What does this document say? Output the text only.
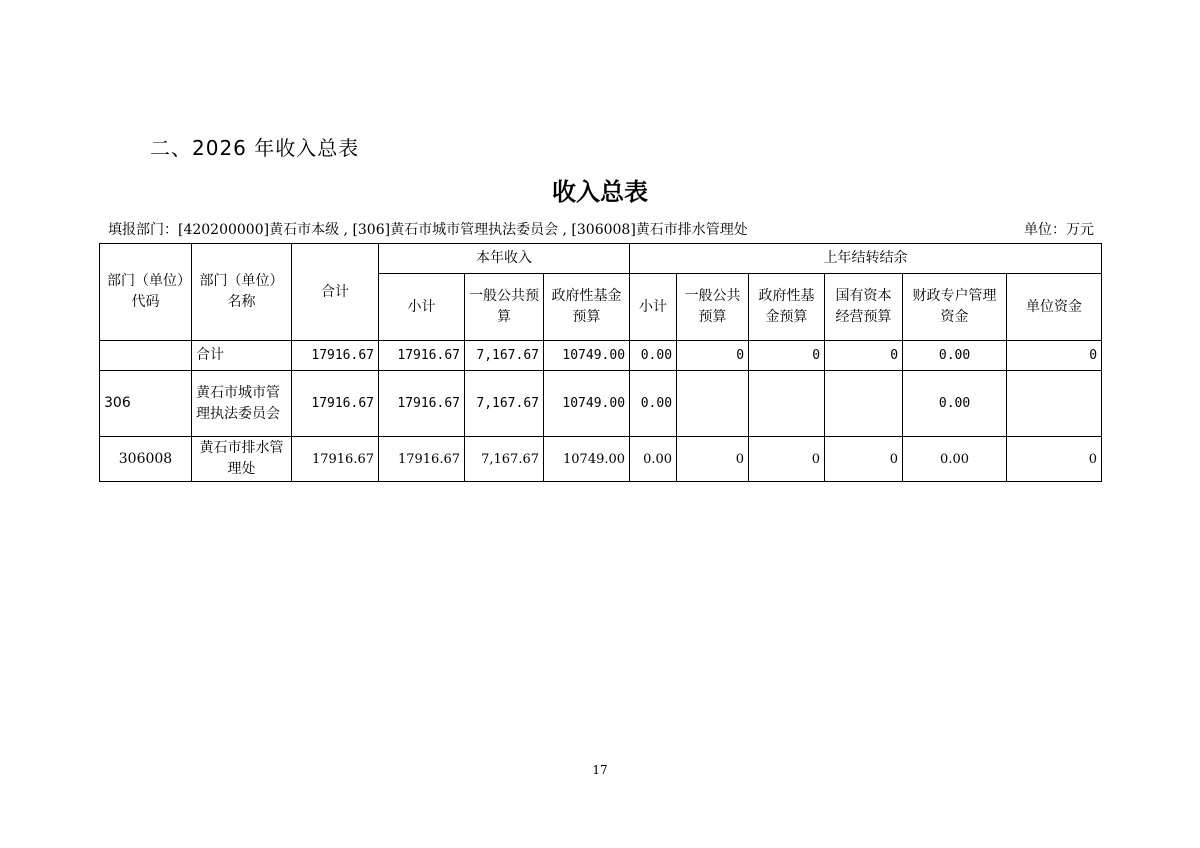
二、2026 年收入总表
收入总表
填报部门：[420200000]黄石市本级 , [306]黄石市城市管理执法委员会 , [306008]黄石市排水管理处	单位：万元
部门（单位）代码	部门（单位）名称	合计	本年收入			上年结转结余					
			小计	一般公共预算	政府性基金预算	小计	一般公共预算	政府性基金预算	国有资本经营预算	财政专户管理资金	单位资金
	合计	17916.67	17916.67	7,167.67	10749.00	0.00	0	0	0	0.00	0
306	黄石市城市管理执法委员会	17916.67	17916.67	7,167.67	10749.00	0.00				0.00	
306008	黄石市排水管理处	17916.67	17916.67	7,167.67	10749.00	0.00	0	0	0	0.00	0
17
